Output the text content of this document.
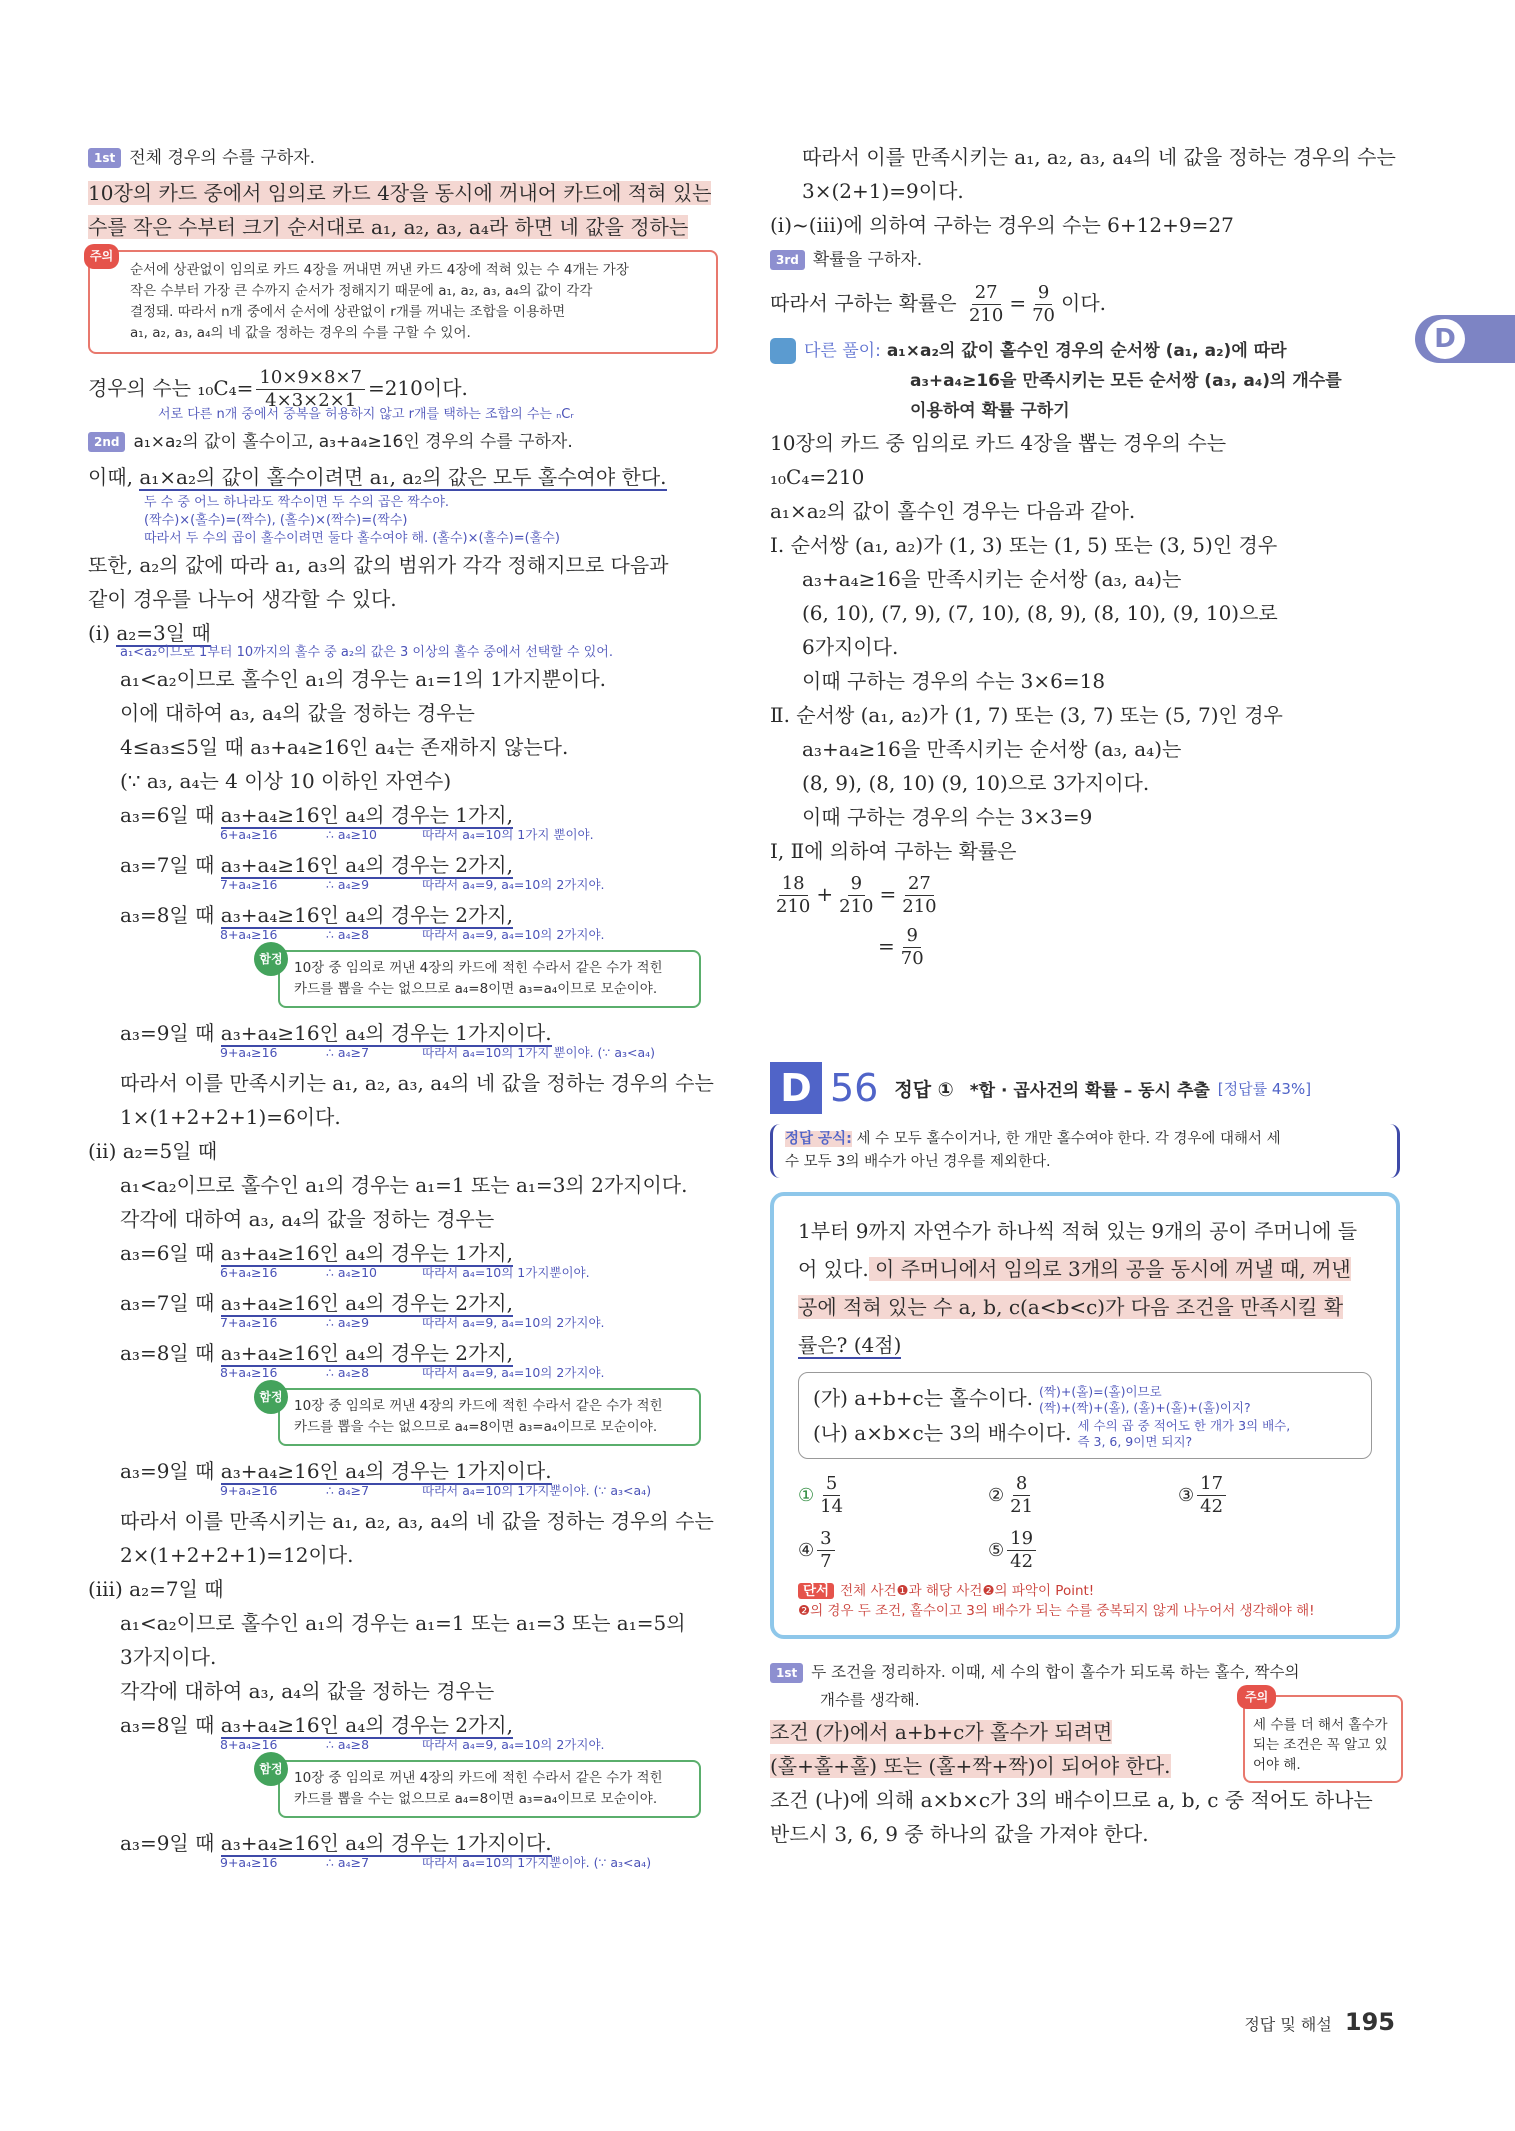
D
1st 전체 경우의 수를 구하자.

10장의 카드 중에서 임의로 카드 4장을 동시에 꺼내어 카드에 적혀 있는

수를 작은 수부터 크기 순서대로 a₁, a₂, a₃, a₄라 하면 네 값을 정하는

주의
순서에 상관없이 임의로 카드 4장을 꺼내면 꺼낸 카드 4장에 적혀 있는 수 4개는 가장
작은 수부터 가장 큰 수까지 순서가 정해지기 때문에 a₁, a₂, a₃, a₄의 값이 각각
결정돼. 따라서 n개 중에서 순서에 상관없이 r개를 꺼내는 조합을 이용하면
a₁, a₂, a₃, a₄의 네 값을 정하는 경우의 수를 구할 수 있어.

경우의 수는 $_{10}C_4= \frac{10\times 9\times 8\times 7}{4\times 3\times 2\times 1} =210$이다.

서로 다른 n개 중에서 중복을 허용하지 않고 r개를 택하는 조합의 수는 ₙCᵣ

2nd a₁×a₂의 값이 홀수이고, a₃+a₄≥16인 경우의 수를 구하자.

이때, a₁×a₂의 값이 홀수이려면 a₁, a₂의 값은 모두 홀수여야 한다.

두 수 중 어느 하나라도 짝수이면 두 수의 곱은 짝수야.

(짝수)×(홀수)=(짝수), (홀수)×(짝수)=(짝수)

따라서 두 수의 곱이 홀수이려면 둘다 홀수여야 해. (홀수)×(홀수)=(홀수)

또한, a₂의 값에 따라 a₁, a₃의 값의 범위가 각각 정해지므로 다음과

같이 경우를 나누어 생각할 수 있다.

(ⅰ) a₂=3일 때

a₁<a₂이므로 1부터 10까지의 홀수 중 a₂의 값은 3 이상의 홀수 중에서 선택할 수 있어.

a₁<a₂이므로 홀수인 a₁의 경우는 a₁=1의 1가지뿐이다.

이에 대하여 a₃, a₄의 값을 정하는 경우는

4≤a₃≤5일 때 a₃+a₄≥16인 a₄는 존재하지 않는다.

(∵ a₃, a₄는 4 이상 10 이하인 자연수)

a₃=6일 때 a₃+a₄≥16인 a₄의 경우는 1가지,

6+a₄≥16	∴ a₄≥10	따라서 a₄=10의 1가지 뿐이야.

a₃=7일 때 a₃+a₄≥16인 a₄의 경우는 2가지,

7+a₄≥16	∴ a₄≥9	따라서 a₄=9, a₄=10의 2가지야.

a₃=8일 때 a₃+a₄≥16인 a₄의 경우는 2가지,

8+a₄≥16	∴ a₄≥8	따라서 a₄=9, a₄=10의 2가지야.

함정
10장 중 임의로 꺼낸 4장의 카드에 적힌 수라서 같은 수가 적힌
카드를 뽑을 수는 없으므로 a₄=8이면 a₃=a₄이므로 모순이야.

a₃=9일 때 a₃+a₄≥16인 a₄의 경우는 1가지이다.

9+a₄≥16	∴ a₄≥7	따라서 a₄=10의 1가지 뿐이야. (∵ a₃<a₄)

따라서 이를 만족시키는 a₁, a₂, a₃, a₄의 네 값을 정하는 경우의 수는

1×(1+2+2+1)=6이다.

(ⅱ) a₂=5일 때

a₁<a₂이므로 홀수인 a₁의 경우는 a₁=1 또는 a₁=3의 2가지이다.

각각에 대하여 a₃, a₄의 값을 정하는 경우는

a₃=6일 때 a₃+a₄≥16인 a₄의 경우는 1가지,

6+a₄≥16	∴ a₄≥10	따라서 a₄=10의 1가지뿐이야.

a₃=7일 때 a₃+a₄≥16인 a₄의 경우는 2가지,

7+a₄≥16	∴ a₄≥9	따라서 a₄=9, a₄=10의 2가지야.

a₃=8일 때 a₃+a₄≥16인 a₄의 경우는 2가지,

8+a₄≥16	∴ a₄≥8	따라서 a₄=9, a₄=10의 2가지야.

함정
10장 중 임의로 꺼낸 4장의 카드에 적힌 수라서 같은 수가 적힌
카드를 뽑을 수는 없으므로 a₄=8이면 a₃=a₄이므로 모순이야.

a₃=9일 때 a₃+a₄≥16인 a₄의 경우는 1가지이다.

9+a₄≥16	∴ a₄≥7	따라서 a₄=10의 1가지뿐이야. (∵ a₃<a₄)

따라서 이를 만족시키는 a₁, a₂, a₃, a₄의 네 값을 정하는 경우의 수는

2×(1+2+2+1)=12이다.

(ⅲ) a₂=7일 때

a₁<a₂이므로 홀수인 a₁의 경우는 a₁=1 또는 a₁=3 또는 a₁=5의

3가지이다.

각각에 대하여 a₃, a₄의 값을 정하는 경우는

a₃=8일 때 a₃+a₄≥16인 a₄의 경우는 2가지,

8+a₄≥16	∴ a₄≥8	따라서 a₄=9, a₄=10의 2가지야.

함정
10장 중 임의로 꺼낸 4장의 카드에 적힌 수라서 같은 수가 적힌
카드를 뽑을 수는 없으므로 a₄=8이면 a₃=a₄이므로 모순이야.

a₃=9일 때 a₃+a₄≥16인 a₄의 경우는 1가지이다.

9+a₄≥16	∴ a₄≥7	따라서 a₄=10의 1가지뿐이야. (∵ a₃<a₄)

따라서 이를 만족시키는 a₁, a₂, a₃, a₄의 네 값을 정하는 경우의 수는

3×(2+1)=9이다.

(ⅰ)~(ⅲ)에 의하여 구하는 경우의 수는 6+12+9=27

3rd 확률을 구하자.

따라서 구하는 확률은 $\frac{27}{210} = \frac{9}{70}$ 이다.

다른 풀이: a₁×a₂의 값이 홀수인 경우의 순서쌍 (a₁, a₂)에 따라
a₃+a₄≥16을 만족시키는 모든 순서쌍 (a₃, a₄)의 개수를
이용하여 확률 구하기

10장의 카드 중 임의로 카드 4장을 뽑는 경우의 수는

₁₀C₄=210

a₁×a₂의 값이 홀수인 경우는 다음과 같아.

Ⅰ. 순서쌍 (a₁, a₂)가 (1, 3) 또는 (1, 5) 또는 (3, 5)인 경우

a₃+a₄≥16을 만족시키는 순서쌍 (a₃, a₄)는

(6, 10), (7, 9), (7, 10), (8, 9), (8, 10), (9, 10)으로

6가지이다.

이때 구하는 경우의 수는 3×6=18

Ⅱ. 순서쌍 (a₁, a₂)가 (1, 7) 또는 (3, 7) 또는 (5, 7)인 경우

a₃+a₄≥16을 만족시키는 순서쌍 (a₃, a₄)는

(8, 9), (8, 10) (9, 10)으로 3가지이다.

이때 구하는 경우의 수는 3×3=9

Ⅰ, Ⅱ에 의하여 구하는 확률은

$\frac{18}{210} + \frac{9}{210} = \frac{27}{210}$

= $\frac{9}{70}$

D 56 정답 ① *합 · 곱사건의 확률 – 동시 추출 [정답률 43%]
정답 공식: 세 수 모두 홀수이거나, 한 개만 홀수여야 한다. 각 경우에 대해서 세
수 모두 3의 배수가 아닌 경우를 제외한다.

1부터 9까지 자연수가 하나씩 적혀 있는 9개의 공이 주머니에 들

어 있다. 이 주머니에서 임의로 3개의 공을 동시에 꺼낼 때, 꺼낸

공에 적혀 있는 수 a, b, c(a<b<c)가 다음 조건을 만족시킬 확

률은? (4점)

(가) a+b+c는 홀수이다. (짝)+(홀)=(홀)이므로
(짝)+(짝)+(홀), (홀)+(홀)+(홀)이지?
(나) a×b×c는 3의 배수이다. 세 수의 곱 중 적어도 한 개가 3의 배수,
즉 3, 6, 9이면 되지?
① $\frac{5}{14}$	② $\frac{8}{21}$	③ $\frac{17}{42}$
④ $\frac{3}{7}$	⑤ $\frac{19}{42}$
단서 전체 사건❶과 해당 사건❷의 파악이 Point!
❷의 경우 두 조건, 홀수이고 3의 배수가 되는 수를 중복되지 않게 나누어서 생각해야 해!
1st 두 조건을 정리하자. 이때, 세 수의 합이 홀수가 되도록 하는 홀수, 짝수의
개수를 생각해.

조건 (가)에서 a+b+c가 홀수가 되려면

(홀+홀+홀) 또는 (홀+짝+짝)이 되어야 한다.

주의
세 수를 더 해서 홀수가 되는 조건은 꼭 알고 있어야 해.

조건 (나)에 의해 a×b×c가 3의 배수이므로 a, b, c 중 적어도 하나는

반드시 3, 6, 9 중 하나의 값을 가져야 한다.

정답 및 해설 195
